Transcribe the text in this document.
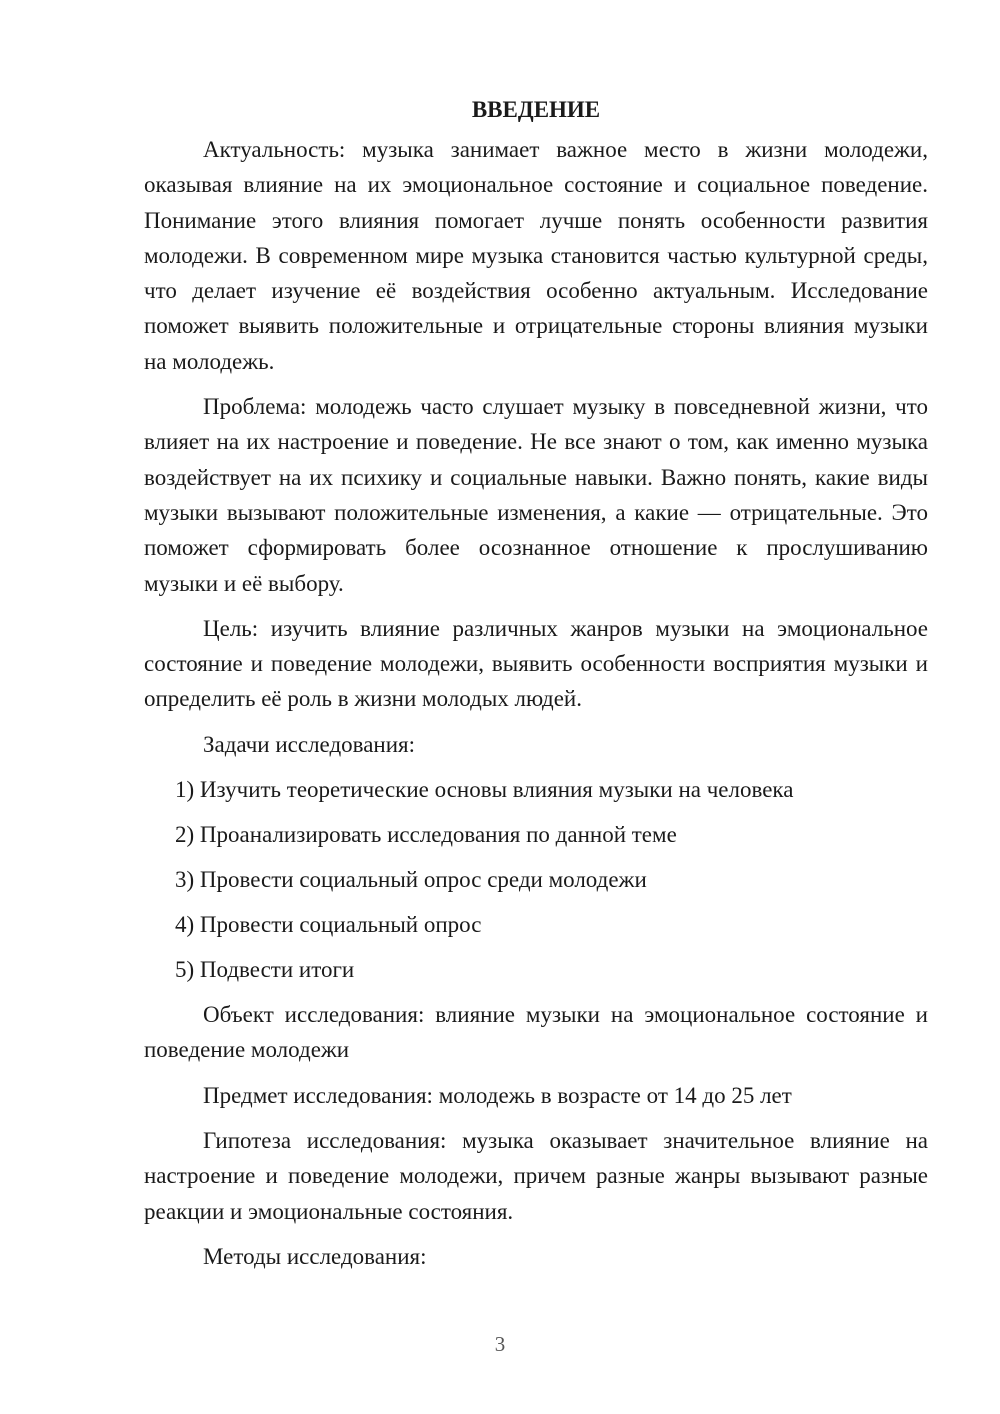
ВВЕДЕНИЕ

Актуальность: музыка занимает важное место в жизни молодежи, оказывая влияние на их эмоциональное состояние и социальное поведение. Понимание этого влияния помогает лучше понять особенности развития молодежи. В современном мире музыка становится частью культурной среды, что делает изучение её воздействия особенно актуальным. Исследование поможет выявить положительные и отрицательные стороны влияния музыки на молодежь.

Проблема: молодежь часто слушает музыку в повседневной жизни, что влияет на их настроение и поведение. Не все знают о том, как именно музыка воздействует на их психику и социальные навыки. Важно понять, какие виды музыки вызывают положительные изменения, а какие — отрицательные. Это поможет сформировать более осознанное отношение к прослушиванию музыки и её выбору.

Цель: изучить влияние различных жанров музыки на эмоциональное состояние и поведение молодежи, выявить особенности восприятия музыки и определить её роль в жизни молодых людей.

Задачи исследования:

1) Изучить теоретические основы влияния музыки на человека
2) Проанализировать исследования по данной теме
3) Провести социальный опрос среди молодежи
4) Провести социальный опрос
5) Подвести итоги

Объект исследования: влияние музыки на эмоциональное состояние и поведение молодежи

Предмет исследования: молодежь в возрасте от 14 до 25 лет

Гипотеза исследования: музыка оказывает значительное влияние на настроение и поведение молодежи, причем разные жанры вызывают разные реакции и эмоциональные состояния.

Методы исследования:

3
